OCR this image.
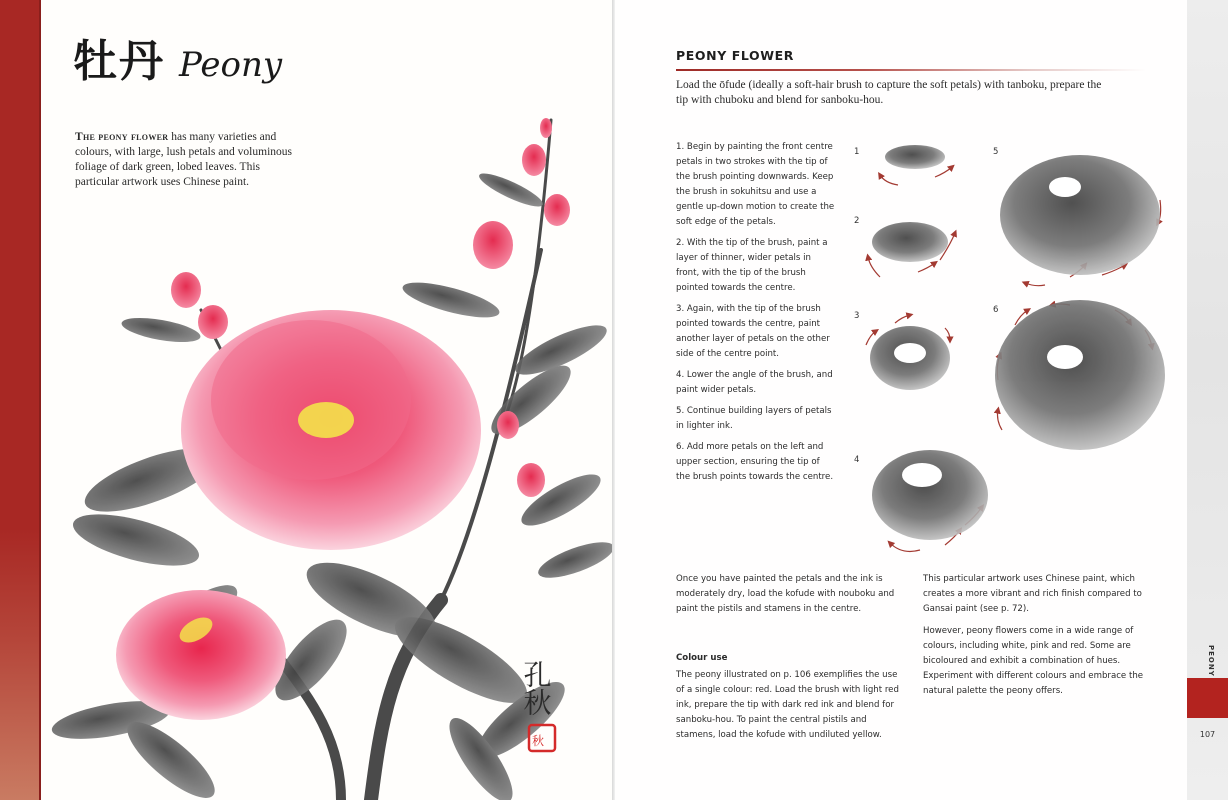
牡丹 Peony
The peony flower has many varieties and colours, with large, lush petals and voluminous foliage of dark green, lobed leaves. This particular artwork uses Chinese paint.
孔秋
秋
PEONY FLOWER
Load the ōfude (ideally a soft-hair brush to capture the soft petals) with tanboku, prepare the tip with chuboku and blend for sanboku-hou.

1. Begin by painting the front centre petals in two strokes with the tip of the brush pointing downwards. Keep the brush in sokuhitsu and use a gentle up-down motion to create the soft edge of the petals.

2. With the tip of the brush, paint a layer of thinner, wider petals in front, with the tip of the brush pointed towards the centre.

3. Again, with the tip of the brush pointed towards the centre, paint another layer of petals on the other side of the centre point.

4. Lower the angle of the brush, and paint wider petals.

5. Continue building layers of petals in lighter ink.

6. Add more petals on the left and upper section, ensuring the tip of the brush points towards the centre.

1
2
3
4
5
6

Once you have painted the petals and the ink is moderately dry, load the kofude with nouboku and paint the pistils and stamens in the centre.

Colour use

The peony illustrated on p. 106 exemplifies the use of a single colour: red. Load the brush with light red ink, prepare the tip with dark red ink and blend for sanboku-hou. To paint the central pistils and stamens, load the kofude with undiluted yellow.

This particular artwork uses Chinese paint, which creates a more vibrant and rich finish compared to Gansai paint (see p. 72).

However, peony flowers come in a wide range of colours, including white, pink and red. Some are bicoloured and exhibit a combination of hues. Experiment with different colours and embrace the natural palette the peony offers.

PEONY
107
